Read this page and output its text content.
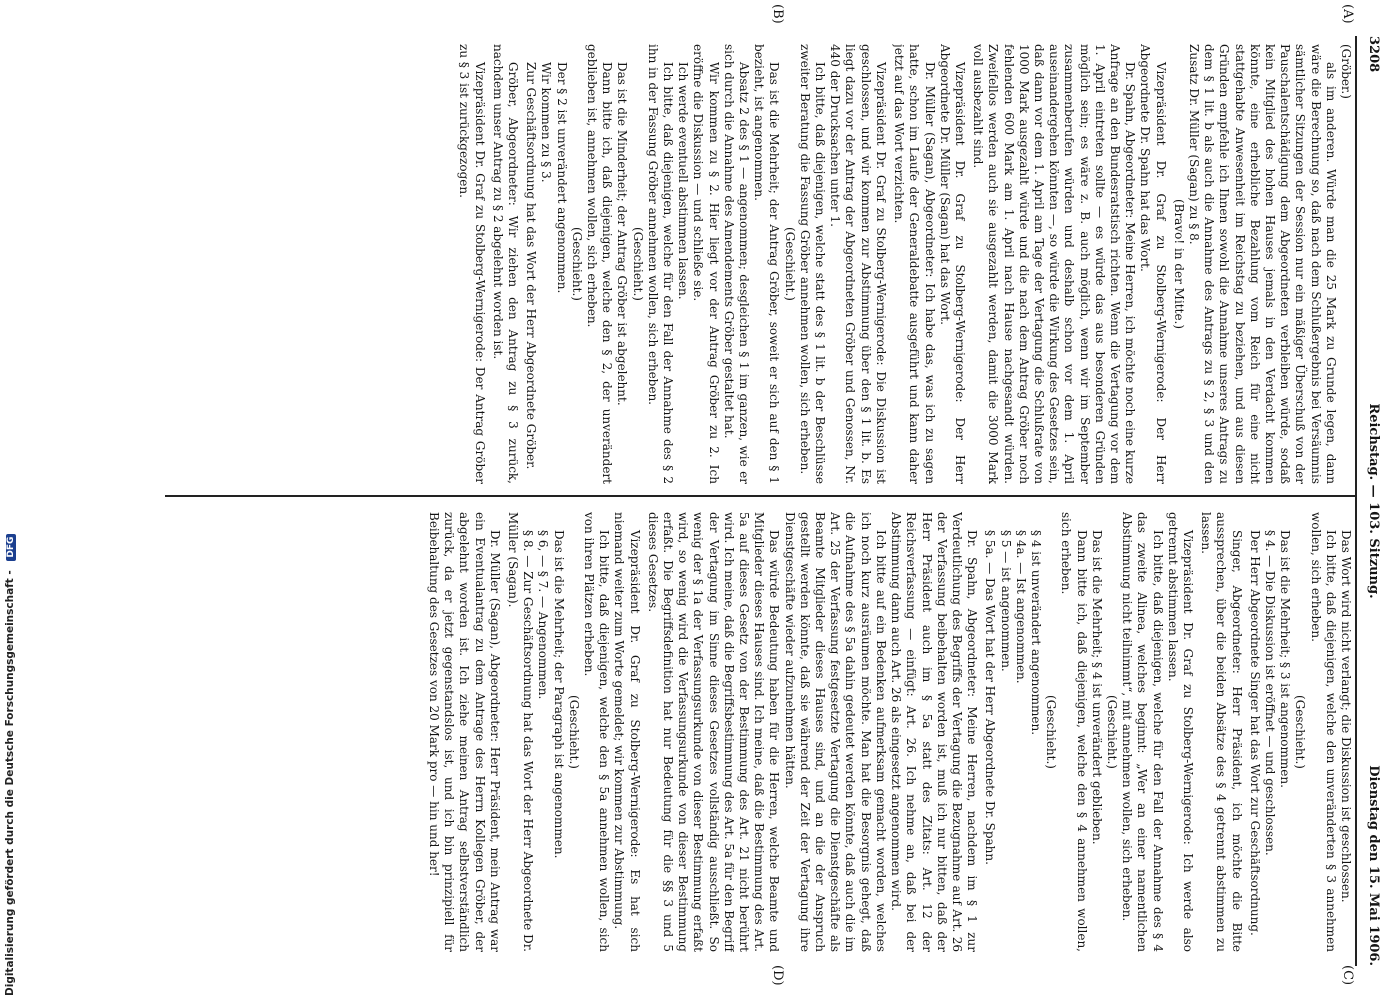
3208
Reichstag. — 103. Sitzung.
Dienstag den 15. Mai 1906.
(A)
(B)
(C)
(D)

(Gröber.)

als im anderen. Würde man die 25 Mark zu Grunde legen, dann wäre die Berechnung so, daß nach dem Schlußergebnis bei Versäumnis sämtlicher Sitzungen der Session nur ein mäßiger Überschuß von der Pauschalentschädigung dem Abgeordneten verbleiben würde, sodaß kein Mitglied des hohen Hauses jemals in den Verdacht kommen könnte, eine erhebliche Bezahlung vom Reich für eine nicht stattgehabte Anwesenheit im Reichstag zu beziehen, und aus diesen Gründen empfehle ich Ihnen sowohl die Annahme unseres Antrags zu dem § 1 lit. b als auch die Annahme des Antrags zu § 2, § 3 und den Zusatz Dr. Müller (Sagan) zu § 8.

(Bravo! in der Mitte.)

Vizepräsident Dr. Graf zu Stolberg-Wernigerode: Der Herr Abgeordnete Dr. Spahn hat das Wort.

Dr. Spahn, Abgeordneter: Meine Herren, ich möchte noch eine kurze Anfrage an den Bundesratstisch richten. Wenn die Vertagung vor dem 1. April eintreten sollte — es würde das aus besonderen Gründen möglich sein; es wäre z. B. auch möglich, wenn wir im September zusammenberufen würden und deshalb schon vor dem 1. April auseinandergehen könnten —, so würde die Wirkung des Gesetzes sein, daß dann vor dem 1. April am Tage der Vertagung die Schlußrate von 1000 Mark ausgezahlt würde und die nach dem Antrag Gröber noch fehlenden 600 Mark am 1. April nach Hause nachgesandt würden. Zweifellos werden auch sie ausgezahlt werden, damit die 3000 Mark voll ausbezahlt sind.

Vizepräsident Dr. Graf zu Stolberg-Wernigerode: Der Herr Abgeordnete Dr. Müller (Sagan) hat das Wort.

Dr. Müller (Sagan), Abgeordneter: Ich habe das, was ich zu sagen hatte, schon im Laufe der Generaldebatte ausgeführt und kann daher jetzt auf das Wort verzichten.

Vizepräsident Dr. Graf zu Stolberg-Wernigerode: Die Diskussion ist geschlossen, und wir kommen zur Abstimmung über den § 1 lit. b. Es liegt dazu vor der Antrag der Abgeordneten Gröber und Genossen, Nr. 440 der Drucksachen unter 1.

Ich bitte, daß diejenigen, welche statt des § 1 lit. b der Beschlüsse zweiter Beratung die Fassung Gröber annehmen wollen, sich erheben.

(Geschieht.)

Das ist die Mehrheit; der Antrag Gröber, soweit er sich auf den § 1 bezieht, ist angenommen.

Absatz 2 des § 1 — angenommen; desgleichen § 1 im ganzen, wie er sich durch die Annahme des Amendements Gröber gestaltet hat.

Wir kommen zu § 2. Hier liegt vor der Antrag Gröber zu 2. Ich eröffne die Diskussion — und schließe sie.

Ich werde eventuell abstimmen lassen.

Ich bitte, daß diejenigen, welche für den Fall der Annahme des § 2 ihn in der Fassung Gröber annehmen wollen, sich erheben.

(Geschieht.)

Das ist die Minderheit; der Antrag Gröber ist abgelehnt.

Dann bitte ich, daß diejenigen, welche den § 2, der unverändert geblieben ist, annehmen wollen, sich erheben.

(Geschieht.)

Der § 2 ist unverändert angenommen.

Wir kommen zu § 3.

Zur Geschäftsordnung hat das Wort der Herr Abgeordnete Gröber.

Gröber, Abgeordneter: Wir ziehen den Antrag zu § 3 zurück, nachdem unser Antrag zu § 2 abgelehnt worden ist.

Vizepräsident Dr. Graf zu Stolberg-Wernigerode: Der Antrag Gröber zu § 3 ist zurückgezogen.

Das Wort wird nicht verlangt; die Diskussion ist geschlossen.

Ich bitte, daß diejenigen, welche den unveränderten § 3 annehmen wollen, sich erheben.

(Geschieht.)

Das ist die Mehrheit; § 3 ist angenommen.

§ 4. — Die Diskussion ist eröffnet — und geschlossen.

Der Herr Abgeordnete Singer hat das Wort zur Geschäftsordnung.

Singer, Abgeordneter: Herr Präsident, ich möchte die Bitte aussprechen, über die beiden Absätze des § 4 getrennt abstimmen zu lassen.

Vizepräsident Dr. Graf zu Stolberg-Wernigerode: Ich werde also getrennt abstimmen lassen.

Ich bitte, daß diejenigen, welche für den Fall der Annahme des § 4 das zweite Alinea, welches beginnt: „Wer an einer namentlichen Abstimmung nicht teilnimmt“, mit annehmen wollen, sich erheben.

(Geschieht.)

Das ist die Mehrheit; § 4 ist unverändert geblieben.

Dann bitte ich, daß diejenigen, welche den § 4 annehmen wollen, sich erheben.

(Geschieht.)

§ 4 ist unverändert angenommen.

§ 4a. — Ist angenommen.

§ 5 — ist angenommen.

§ 5a. — Das Wort hat der Herr Abgeordnete Dr. Spahn.

Dr. Spahn, Abgeordneter: Meine Herren, nachdem im § 1 zur Verdeutlichung des Begriffs der Vertagung die Bezugnahme auf Art. 26 der Verfassung beibehalten worden ist, muß ich nur bitten, daß der Herr Präsident auch im § 5a statt des Zitats: Art. 12 der Reichsverfassung — einfügt: Art. 26. Ich nehme an, daß bei der Abstimmung dann auch Art. 26 als eingesetzt angenommen wird.

Ich bitte auf ein Bedenken aufmerksam gemacht worden, welches ich noch kurz ausräumen möchte. Man hat die Besorgnis gehegt, daß die Aufnahme des § 5a dahin gedeutet werden könnte, daß auch die im Art. 25 der Verfassung festgesetzte Vertagung die Dienstgeschäfte als Beamte Mitglieder dieses Hauses sind, und an die der Anspruch gestellt werden könnte, daß sie während der Zeit der Vertagung ihre Dienstgeschäfte wieder aufzunehmen hätten.

Das würde Bedeutung haben für die Herren, welche Beamte und Mitglieder dieses Hauses sind. Ich meine, daß die Bestimmung des Art. 5a auf dieses Gesetz von der Bestimmung des Art. 21 nicht berührt wird. Ich meine, daß die Begriffsbestimmung des Art. 5a für den Begriff der Vertagung im Sinne dieses Gesetzes vollständig ausschließt. So wenig der § 1a der Verfassungsurkunde von dieser Bestimmung erfaßt wird, so wenig wird die Verfassungsurkunde von dieser Bestimmung erfaßt. Die Begriffsdefinition hat nur Bedeutung für die §§ 3 und 5 dieses Gesetzes.

Vizepräsident Dr. Graf zu Stolberg-Wernigerode: Es hat sich niemand weiter zum Worte gemeldet; wir kommen zur Abstimmung.

Ich bitte, daß diejenigen, welche den § 5a annehmen wollen, sich von ihren Plätzen erheben.

(Geschieht.)

Das ist die Mehrheit; der Paragraph ist angenommen.

§ 6, — § 7. — Angenommen.

§ 8. — Zur Geschäftsordnung hat das Wort der Herr Abgeordnete Dr. Müller (Sagan).

Dr. Müller (Sagan), Abgeordneter: Herr Präsident, mein Antrag war ein Eventualantrag zu dem Antrage des Herrn Kollegen Gröber, der abgelehnt worden ist. Ich ziehe meinen Antrag selbstverständlich zurück, da er jetzt gegenstandslos ist, und ich bin prinzipiell für Beibehaltung des Gesetzes von 20 Mark pro — hin und her!

Digitalisierung gefördert durch die Deutsche Forschungsgemeinschaft - DFG
